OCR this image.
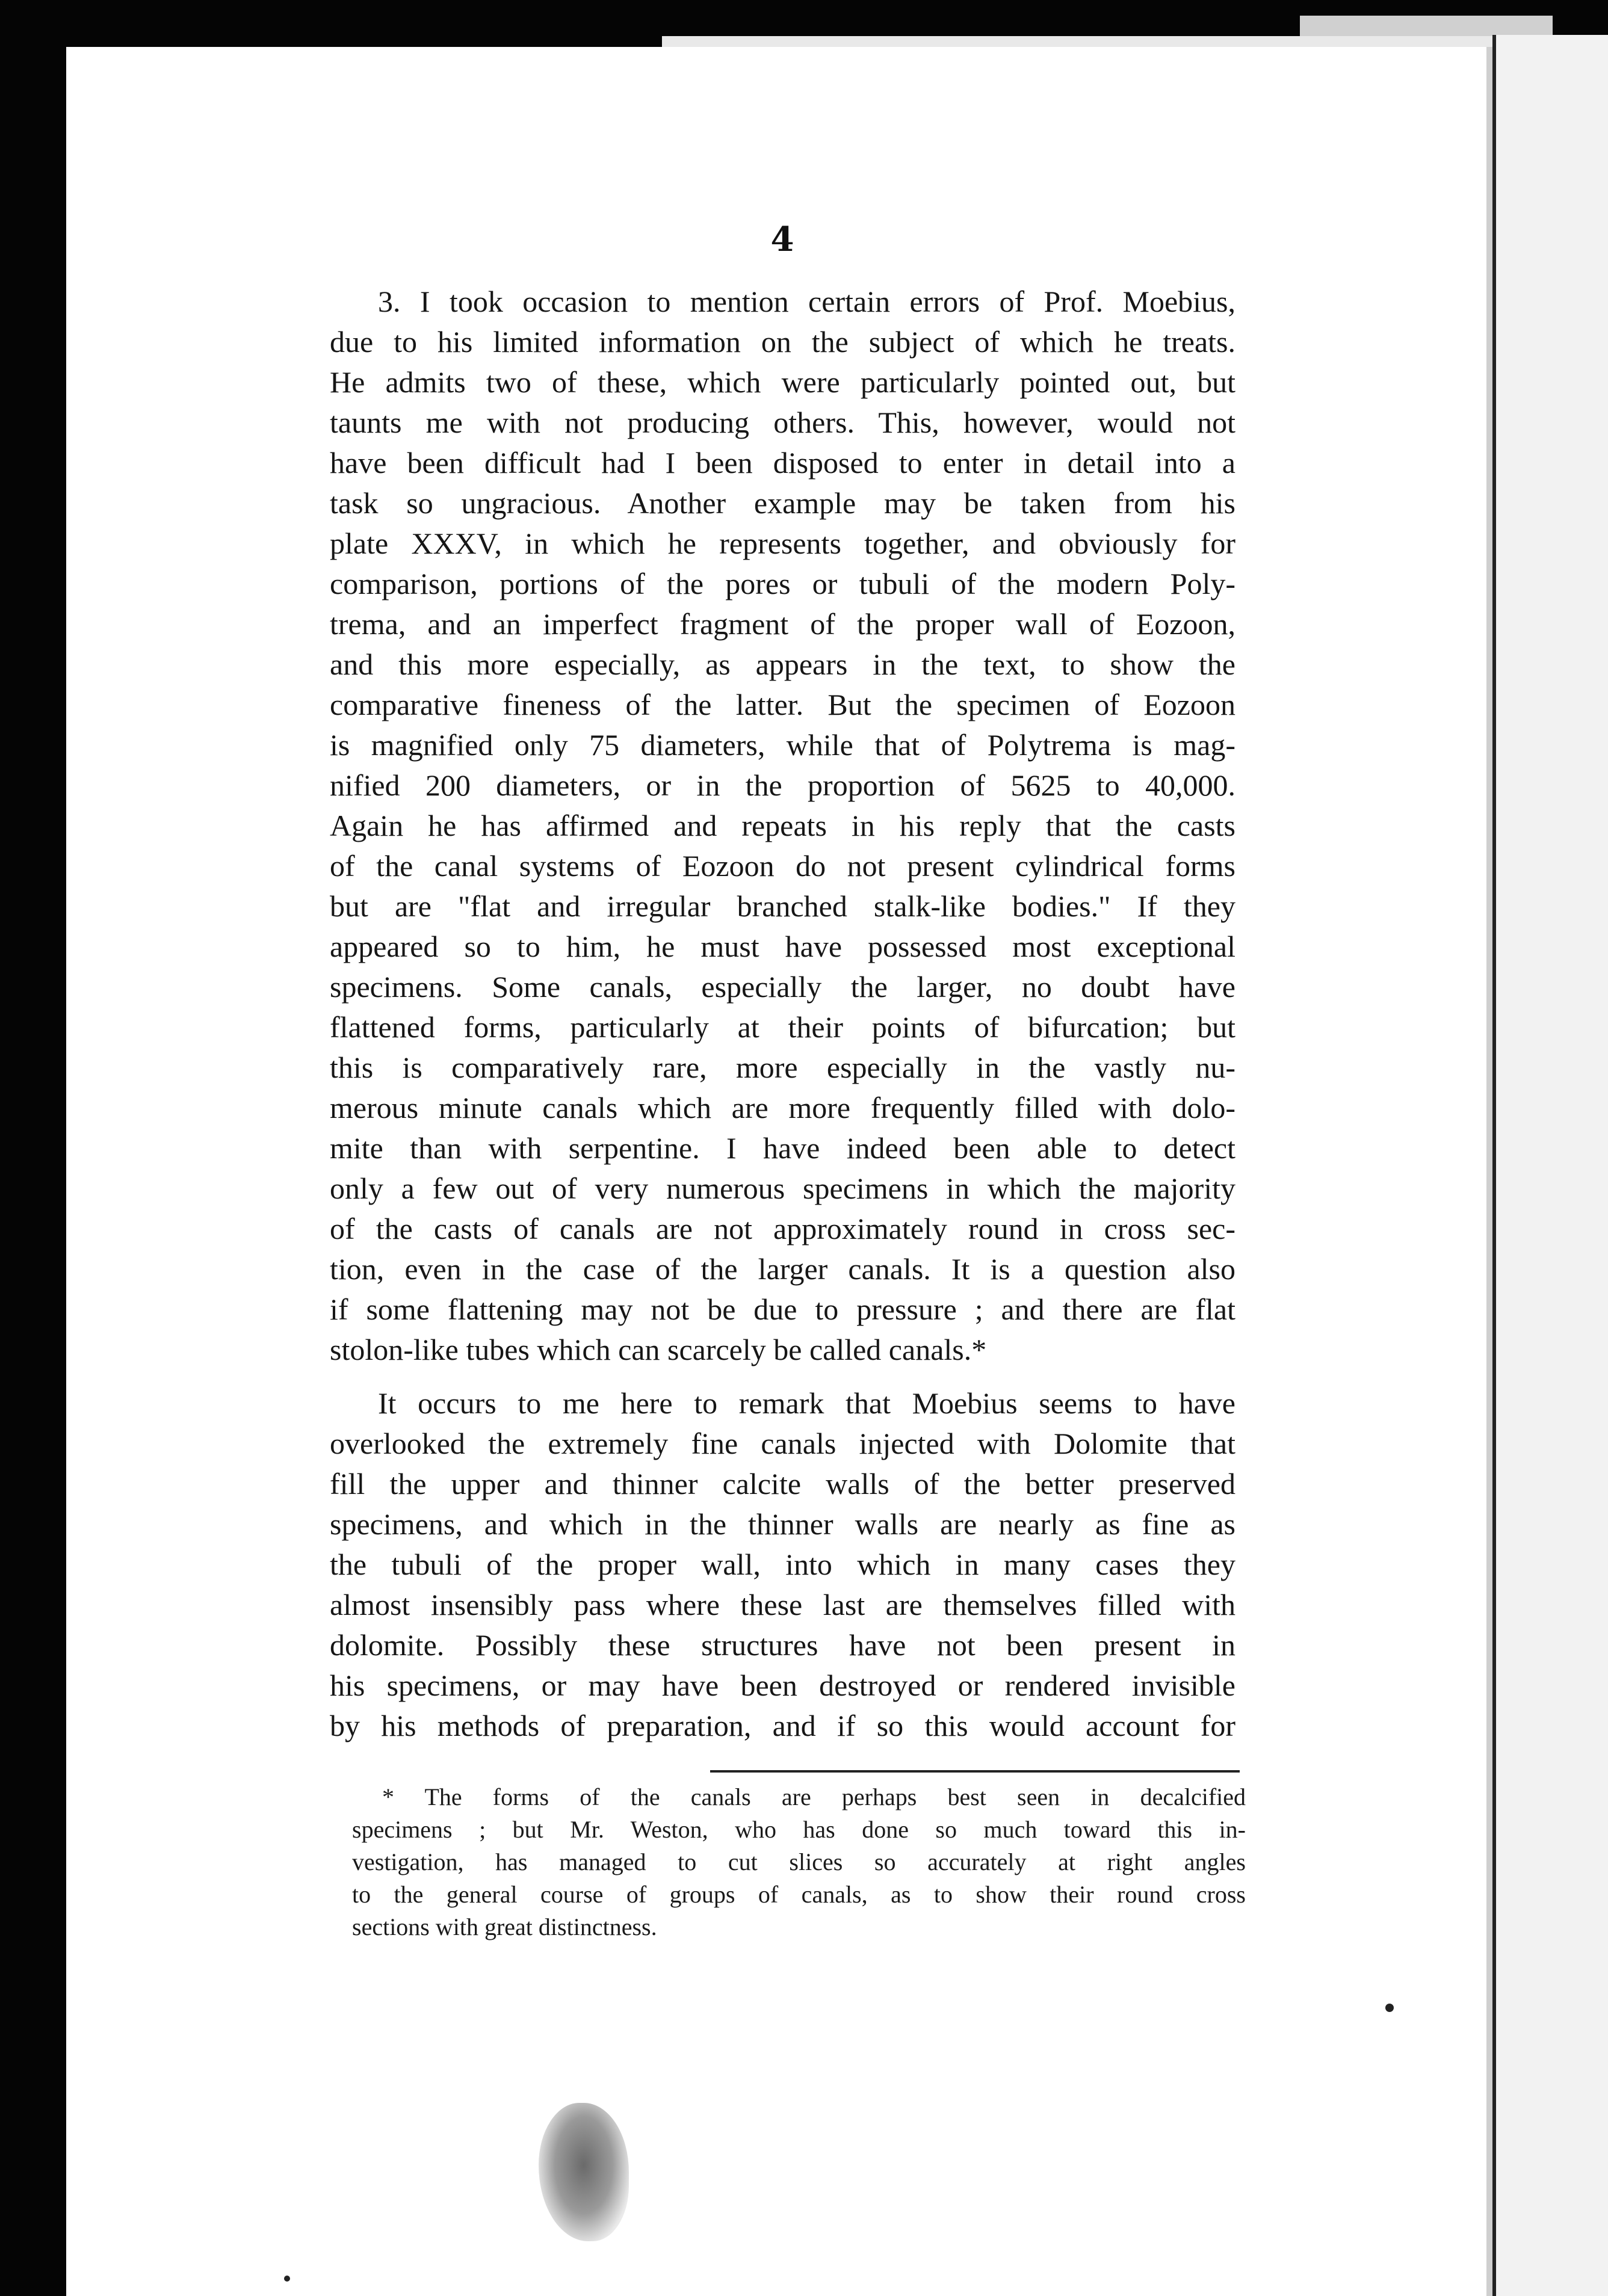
4
3. I took occasion to mention certain errors of Prof. Moebius,
due to his limited information on the subject of which he treats.
He admits two of these, which were particularly pointed out, but
taunts me with not producing others. This, however, would not
have been difficult had I been disposed to enter in detail into a
task so ungracious. Another example may be taken from his
plate XXXV, in which he represents together, and obviously for
comparison, portions of the pores or tubuli of the modern Poly-
trema, and an imperfect fragment of the proper wall of Eozoon,
and this more especially, as appears in the text, to show the
comparative fineness of the latter. But the specimen of Eozoon
is magnified only 75 diameters, while that of Polytrema is mag-
nified 200 diameters, or in the proportion of 5625 to 40,000.
Again he has affirmed and repeats in his reply that the casts
of the canal systems of Eozoon do not present cylindrical forms
but are "flat and irregular branched stalk-like bodies." If they
appeared so to him, he must have possessed most exceptional
specimens. Some canals, especially the larger, no doubt have
flattened forms, particularly at their points of bifurcation; but
this is comparatively rare, more especially in the vastly nu-
merous minute canals which are more frequently filled with dolo-
mite than with serpentine. I have indeed been able to detect
only a few out of very numerous specimens in which the majority
of the casts of canals are not approximately round in cross sec-
tion, even in the case of the larger canals. It is a question also
if some flattening may not be due to pressure ; and there are flat
stolon-like tubes which can scarcely be called canals.*
It occurs to me here to remark that Moebius seems to have
overlooked the extremely fine canals injected with Dolomite that
fill the upper and thinner calcite walls of the better preserved
specimens, and which in the thinner walls are nearly as fine as
the tubuli of the proper wall, into which in many cases they
almost insensibly pass where these last are themselves filled with
dolomite. Possibly these structures have not been present in
his specimens, or may have been destroyed or rendered invisible
by his methods of preparation, and if so this would account for
* The forms of the canals are perhaps best seen in decalcified
specimens ; but Mr. Weston, who has done so much toward this in-
vestigation, has managed to cut slices so accurately at right angles
to the general course of groups of canals, as to show their round cross
sections with great distinctness.
